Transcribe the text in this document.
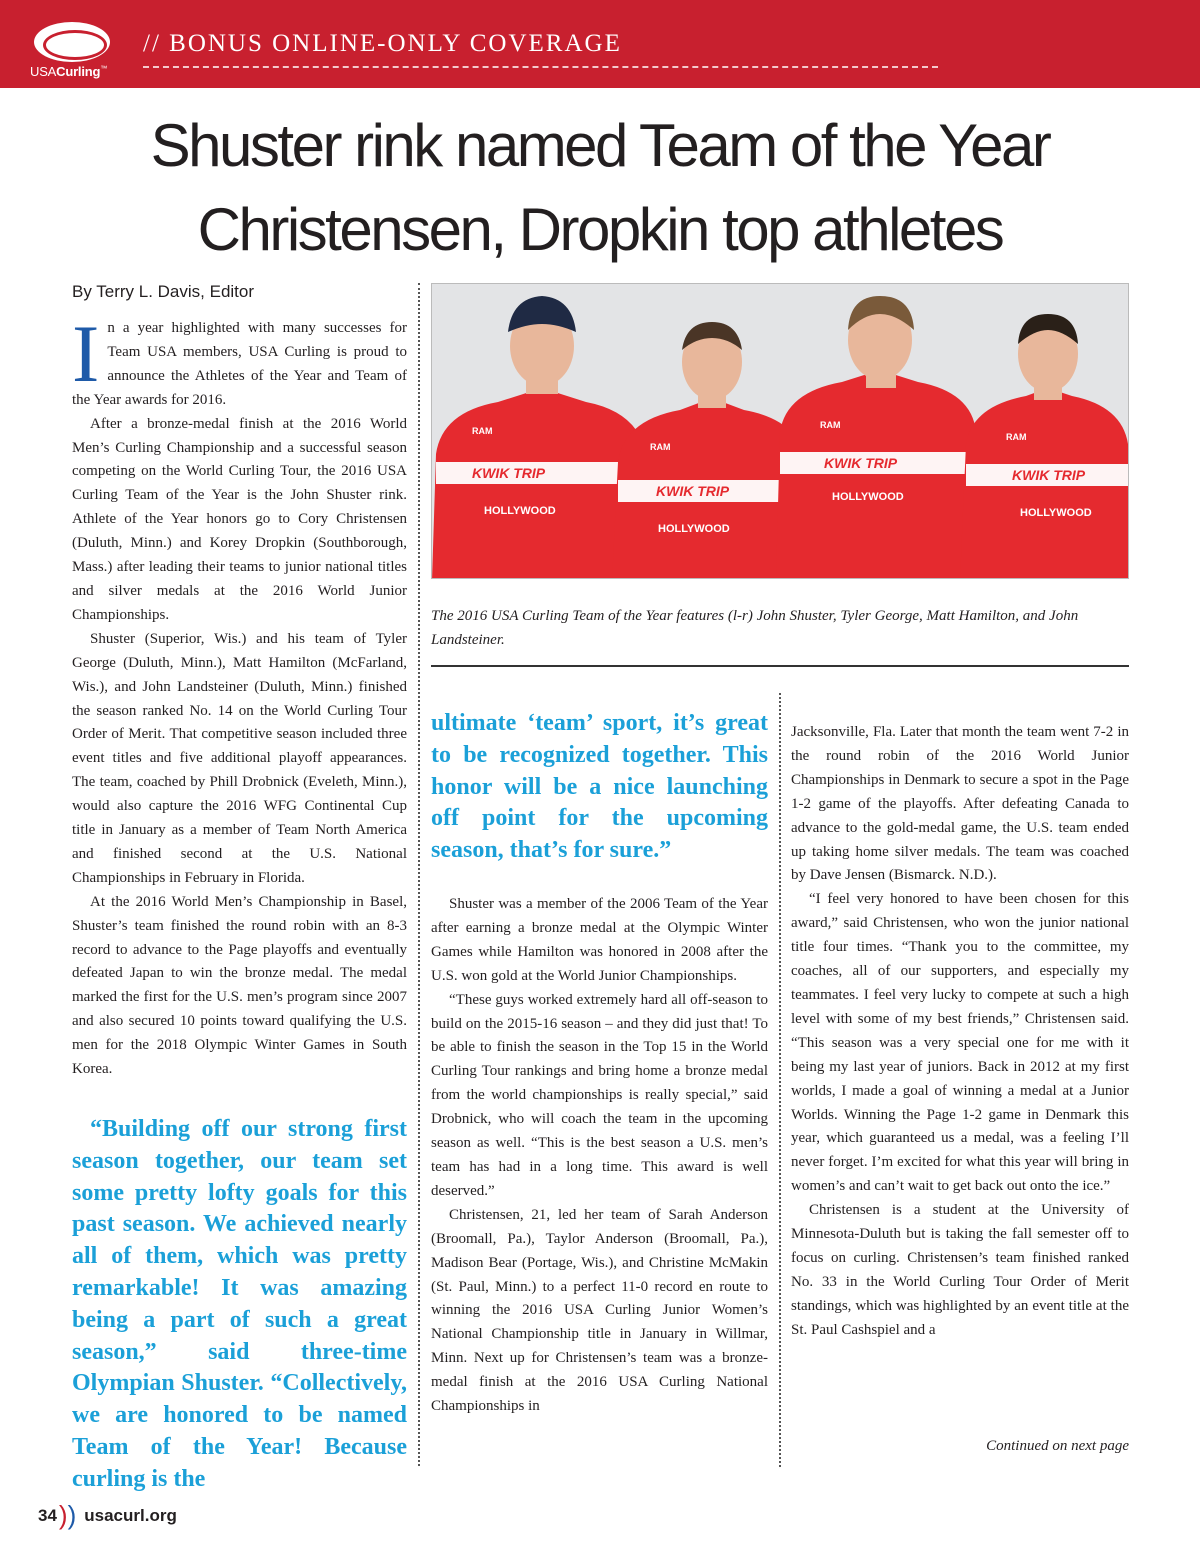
USACurling™
// BONUS ONLINE-ONLY COVERAGE
Shuster rink named Team of the Year
Christensen, Dropkin top athletes
By Terry L. Davis, Editor

In a year highlighted with many successes for Team USA members, USA Curling is proud to announce the Athletes of the Year and Team of the Year awards for 2016.

After a bronze-medal finish at the 2016 World Men’s Curling Championship and a successful season competing on the World Curling Tour, the 2016 USA Curling Team of the Year is the John Shuster rink. Athlete of the Year honors go to Cory Christensen (Duluth, Minn.) and Korey Dropkin (Southborough, Mass.) after leading their teams to junior national titles and silver medals at the 2016 World Junior Championships.

Shuster (Superior, Wis.) and his team of Tyler George (Duluth, Minn.), Matt Hamilton (McFarland, Wis.), and John Landsteiner (Duluth, Minn.) finished the season ranked No. 14 on the World Curling Tour Order of Merit. That competitive season included three event titles and five additional playoff appearances. The team, coached by Phill Drobnick (Eveleth, Minn.), would also capture the 2016 WFG Continental Cup title in January as a member of Team North America and finished second at the U.S. National Championships in February in Florida.

At the 2016 World Men’s Championship in Basel, Shuster’s team finished the round robin with an 8-3 record to advance to the Page playoffs and eventually defeated Japan to win the bronze medal. The medal marked the first for the U.S. men’s program since 2007 and also secured 10 points toward qualifying the U.S. men for the 2018 Olympic Winter Games in South Korea.

“Building off our strong first season together, our team set some pretty lofty goals for this past season. We achieved nearly all of them, which was pretty remarkable! It was amazing being a part of such a great season,” said three-time Olympian Shuster. “Collectively, we are honored to be named Team of the Year! Because curling is the
KWIK TRIP
KWIK TRIP
KWIK TRIP
KWIK TRIP
HOLLYWOOD
HOLLYWOOD
HOLLYWOOD
HOLLYWOOD
RAM
RAM
RAM
RAM
The 2016 USA Curling Team of the Year features (l-r) John Shuster, Tyler George, Matt Hamilton, and John Landsteiner.
ultimate ‘team’ sport, it’s great to be recognized together. This honor will be a nice launching off point for the upcoming season, that’s for sure.”

Shuster was a member of the 2006 Team of the Year after earning a bronze medal at the Olympic Winter Games while Hamilton was honored in 2008 after the U.S. won gold at the World Junior Championships.

“These guys worked extremely hard all off-season to build on the 2015-16 season – and they did just that! To be able to finish the season in the Top 15 in the World Curling Tour rankings and bring home a bronze medal from the world championships is really special,” said Drobnick, who will coach the team in the upcoming season as well. “This is the best season a U.S. men’s team has had in a long time. This award is well deserved.”

Christensen, 21, led her team of Sarah Anderson (Broomall, Pa.), Taylor Anderson (Broomall, Pa.), Madison Bear (Portage, Wis.), and Christine McMakin (St. Paul, Minn.) to a perfect 11-0 record en route to winning the 2016 USA Curling Junior Women’s National Championship title in January in Willmar, Minn. Next up for Christensen’s team was a bronze-medal finish at the 2016 USA Curling National Championships in

Jacksonville, Fla. Later that month the team went 7-2 in the round robin of the 2016 World Junior Championships in Denmark to secure a spot in the Page 1-2 game of the playoffs. After defeating Canada to advance to the gold-medal game, the U.S. team ended up taking home silver medals. The team was coached by Dave Jensen (Bismarck. N.D.).

“I feel very honored to have been chosen for this award,” said Christensen, who won the junior national title four times. “Thank you to the committee, my coaches, all of our supporters, and especially my teammates. I feel very lucky to compete at such a high level with some of my best friends,” Christensen said. “This season was a very special one for me with it being my last year of juniors. Back in 2012 at my first worlds, I made a goal of winning a medal at a Junior Worlds. Winning the Page 1-2 game in Denmark this year, which guaranteed us a medal, was a feeling I’ll never forget. I’m excited for what this year will bring in women’s and can’t wait to get back out onto the ice.”

Christensen is a student at the University of Minnesota-Duluth but is taking the fall semester off to focus on curling. Christensen’s team finished ranked No. 33 in the World Curling Tour Order of Merit standings, which was highlighted by an event title at the St. Paul Cashspiel and a

Continued on next page
34 ) ) usacurl.org
